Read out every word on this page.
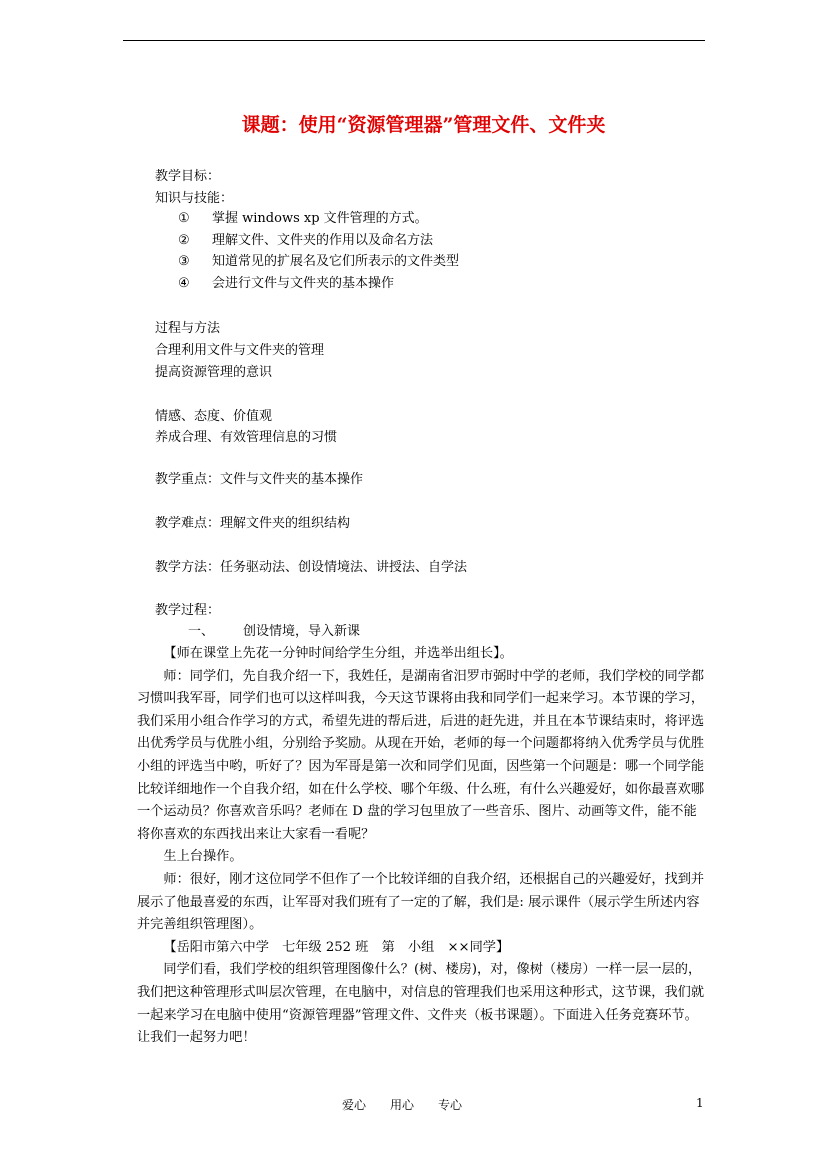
课题：使用“资源管理器”管理文件、文件夹
教学目标：
知识与技能：
① 掌握 windows xp 文件管理的方式。
② 理解文件、文件夹的作用以及命名方法
③ 知道常见的扩展名及它们所表示的文件类型
④ 会进行文件与文件夹的基本操作
过程与方法
合理利用文件与文件夹的管理
提高资源管理的意识
情感、态度、价值观
养成合理、有效管理信息的习惯
教学重点：文件与文件夹的基本操作
教学难点：理解文件夹的组织结构
教学方法：任务驱动法、创设情境法、讲授法、自学法
教学过程：
一、 创设情境，导入新课

【师在课堂上先花一分钟时间给学生分组，并选举出组长】。

师：同学们，先自我介绍一下，我姓任，是湖南省汨罗市弼时中学的老师，我们学校的同学都习惯叫我军哥，同学们也可以这样叫我，今天这节课将由我和同学们一起来学习。本节课的学习，我们采用小组合作学习的方式，希望先进的帮后进，后进的赶先进，并且在本节课结束时，将评选出优秀学员与优胜小组，分别给予奖励。从现在开始，老师的每一个问题都将纳入优秀学员与优胜小组的评选当中哟，听好了？因为军哥是第一次和同学们见面，因些第一个问题是：哪一个同学能比较详细地作一个自我介绍，如在什么学校、哪个年级、什么班，有什么兴趣爱好，如你最喜欢哪一个运动员？你喜欢音乐吗？老师在 D 盘的学习包里放了一些音乐、图片、动画等文件，能不能将你喜欢的东西找出来让大家看一看呢？

生上台操作。

师：很好，刚才这位同学不但作了一个比较详细的自我介绍，还根据自己的兴趣爱好，找到并展示了他最喜爱的东西，让军哥对我们班有了一定的了解，我们是: 展示课件（展示学生所述内容并完善组织管理图）。

【岳阳市第六中学　七年级 252 班　第　小组　××同学】

同学们看，我们学校的组织管理图像什么？(树、楼房)，对，像树（楼房）一样一层一层的，我们把这种管理形式叫层次管理，在电脑中，对信息的管理我们也采用这种形式，这节课，我们就一起来学习在电脑中使用“资源管理器”管理文件、文件夹（板书课题）。下面进入任务竞赛环节。让我们一起努力吧！

爱心　　用心　　专心	1
